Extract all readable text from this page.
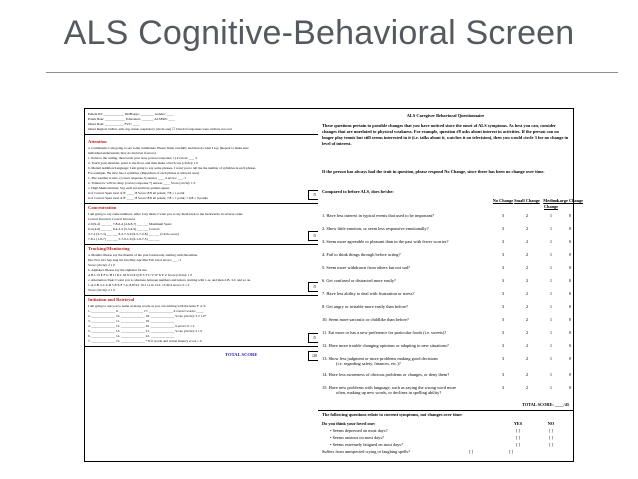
ALS Cognitive-Behavioral Screen
Patient ID: ____________ DOB/Age: ________ Gender: ____
Exam Date: ____________ Education: _______ ALSFRS: ____
Onset Date: ___________ FVC: ____
Onset Region: bulbar, arm, leg, trunk, respiratory (circle one) ☐ Check if responses were written, not oral
Attention
a. Commands: I am going to say some commands. Please listen carefully and then do what I say. (Repeat to make sure
individual understands; may do 2nd trial if errors)
1. Point to the ceiling, then touch your nose (correct response: 1) # errors: ___ /1
2. Touch your shoulder, point to the floor, and then make a fist Score (circle): 1 0
b. Mental Addition/Language: I am going to say some phrases. I want you to tell me the number of syllables in each phrase.
For example, 'Be nice' has 2 syllables. (Repetition of each phrase is allowed once)
1. The weather is nice. (correct response 5) answer ____ # errors: ___ /1
2. Tomorrow will be rainy. (correct response 7) answer ____ Score (circle): 1 0
c. Digit Memorization: Say each set and have patient repeat.
# of Correct Span total of 8: ____ /8 Score: 8/8 all points; 7/8 = 1 point
# of Correct Span total of 8: ____ /8 Score: 8/8 all points; 7/8 = 1 point; < 6/8 = 0 points
/5
Concentration
I am going to say some numbers. After I say them, I want you to say them back to me backwards, in reverse order.
Correct Incorrect Correct Incorrect
2-9 (9-2) ___ ___ 7-8-6-4 (4-6-8-7) ___ ___ Maximum Span:
6-4 (4-6) ___ ___ 9-4-3-5 (5-3-4-9) ___ ___ Correct:
3-7-2 (2-7-3) ___ ___ 8-2-7-5-9 (9-5-7-2-8) ___ ___ (Circle score)
7-8-1 (1-8-7) ___ ___ 5-7-6-1-9 (9-1-6-7-5) ___ ___
/5
Tracking/Monitoring
a. Months: Please say the months of the year backwards, starting with December.
Dec Nov Oct Sep Aug Jul Jun May Apr Mar Feb Jan # errors: ___ /1
Score (circle): 2 1 0
b. Alphabet: Please say the alphabet for me.
A B C D E F G H I J K L M N O P Q R S T U V W X Y Z Score (circle): 1 0
c. Alternation Task: I want you to alternate between numbers and letters, starting with 1-A, and then 2-B, 3-C and so on.
1-A 2-B 3-C 4-D 5-E 6-F 7-G 8-H 9-I 10-J 11-K 12-L 13-M # errors: 0 1 2
Score (circle): 2 1 0
/5
Initiation and Retrieval
I am going to ask you to name as many words as you can starting with the letter F or S.
1. ______________ 9. ______________ 17. ______________ # correct words: ____
2. ______________ 10. ______________ 18. ______________ Score (circle): 3 2 1 0*
3. ______________ 11. ______________ 19. ______________
4. ______________ 12. ______________ 20. ______________ # errors: 0 1 2
5. ______________ 13. ______________ 21. ______________ Score (circle): 2 1 0
6. ______________ 14. ______________ 22. ______________
7. ______________ 15. ______________ * If 0 words and verbal fluency score = 0
/5
TOTAL SCORE	/20
ALS Caregiver Behavioral Questionnaire
These questions pertain to possible changes that you have noticed since the onset of ALS symptoms. As best you can, consider changes that are unrelated to physical weakness. For example, question #8 asks about interest in activities. If the person can no longer play tennis but still seems interested in it (i.e. talks about it, watches it on television), then you would circle 3 for no change in level of interest.
If the person has always had the trait in question, please respond No Change, since there has been no change over time.
Compared to before ALS, does he/she:
No Change Small Change Medium Change
Large Change
1. Have less interest in typical events that used to be important?	3	2	1	0
2. Show little emotion, or seem less responsive emotionally?	3	2	1	0
3. Seem more agreeable or pleasant than in the past with fewer worries?	3	2	1	0
4. Fail to think things through before acting?	3	2	1	0
5. Seem more withdrawn from others but not sad?	3	2	1	0
6. Get confused or distracted more easily?	3	2	1	0
7. Have less ability to deal with frustration or stress?	3	2	1	0
8. Get angry or irritable more easily than before?	3	2	1	0
10. Seem more sarcastic or childlike than before?	3	2	1	0
11. Eat more or has a new preference for particular foods (i.e. sweets)?	3	2	1	0
12. Have more trouble changing opinions or adapting to new situations?	3	2	1	0
13. Show less judgment or more problems making good decisions
(i.e. regarding safety, finances, etc.)?
3	2	1	0
14. Have less awareness of obvious problems or changes, or deny them?	3	2	1	0
15. Have new problems with language, such as saying the wrong word more
often, making up new words, or declines in spelling ability?
3	2	1	0
TOTAL SCORE: ____/45
The following questions relate to current symptoms, not changes over time:
Do you think your loved one:	YES	NO
• Seems depressed on most days?	[ ]	[ ]
• Seems anxious on most days?	[ ]	[ ]
• Seems extremely fatigued on most days?	[ ]	[ ]
Suffers from unexpected crying or laughing spells?	[ ]	[ ]
